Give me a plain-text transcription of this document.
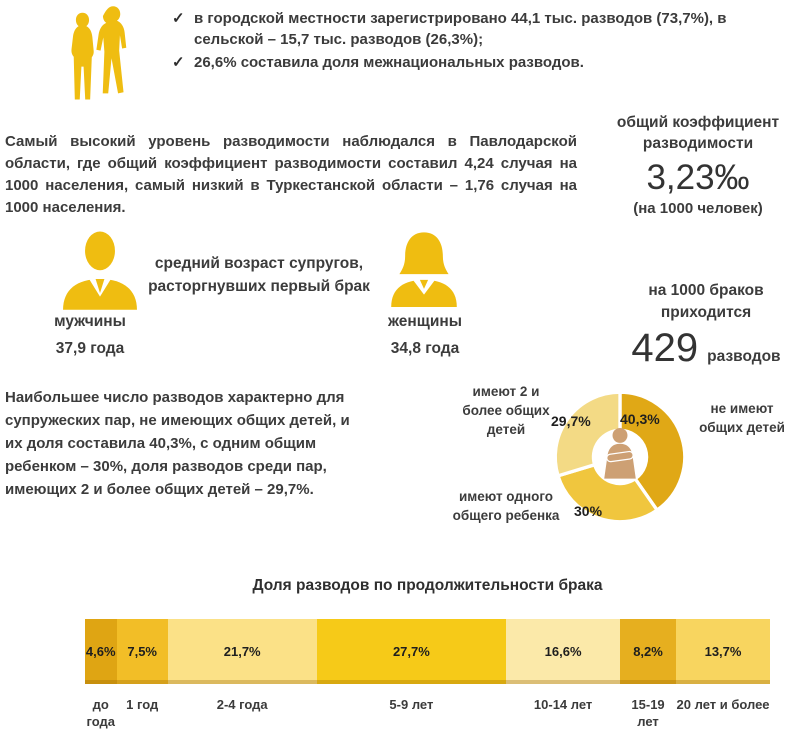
✓ в городской местности зарегистрировано 44,1 тыс. разводов (73,7%), в сельской – 15,7 тыс. разводов (26,3%);
✓ 26,6% составила доля межнациональных разводов.
Самый высокий уровень разводимости наблюдался в Павлодарской области, где общий коэффициент разводимости составил 4,24 случая на 1000 населения, самый низкий в Туркестанской области – 1,76 случая на 1000 населения.
общий коэффициент разводимости
3,23‰
(на 1000 человек)
средний возраст супругов, расторгнувших первый брак
мужчины
37,9 года
женщины
34,8 года
на 1000 браков
приходится
429 разводов
Наибольшее число разводов характерно для супружеских пар, не имеющих общих детей, и их доля составила 40,3%, с одним общим ребенком – 30%, доля разводов среди пар, имеющих 2 и более общих детей – 29,7%.
имеют 2 и более общих детей
не имеют общих детей
имеют одного общего ребенка
29,7% 40,3%
30%
Доля разводов по продолжительности брака
4,6% 7,5%	21,7%	27,7%	16,6%	8,2%	13,7%
до года
1 год	2-4 года	5-9 лет	10-14 лет	15-19 лет
20 лет и более
